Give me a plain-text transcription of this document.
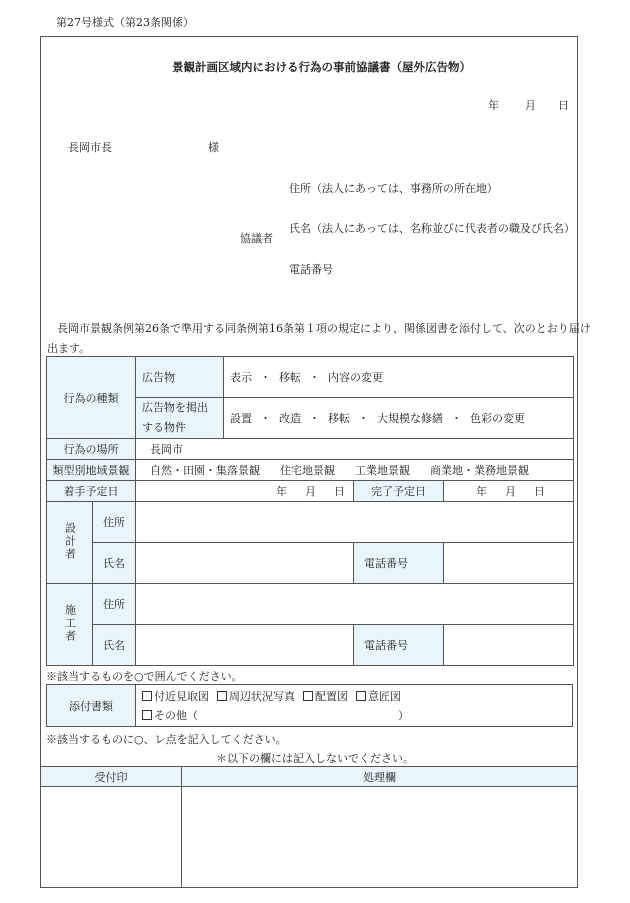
第27号様式（第23条関係）
景観計画区域内における行為の事前協議書（屋外広告物）
年 月 日
長岡市長	様
住所（法人にあっては、事務所の所在地）
協議者
氏名（法人にあっては、名称並びに代表者の職及び氏名）
電話番号
長岡市景観条例第26条で準用する同条例第16条第１項の規定により、関係図書を添付して、次のとおり届け
出ます。
行為の種類		広告物	表示 ・ 移転 ・ 内容の変更		
		広告物を掲出する物件	設置 ・ 改造 ・ 移転 ・ 大規模な修繕 ・ 色彩の変更		
行為の場所		長岡市			
類型別地域景観		自然・田園・集落景観 住宅地景観 工業地景観 商業地・業務地景観			
着手予定日		年 月 日		完了予定日	年 月 日
設計者	住所				
	氏名			電話番号	
施工者	住所				
	氏名			電話番号	
※該当するものを○で囲んでください。
添付書類	付近見取図 周辺状況写真 配置図 意匠図
その他（	）
※該当するものに○、レ点を記入してください。
＊以下の欄には記入しないでください。
受付印	処理欄
